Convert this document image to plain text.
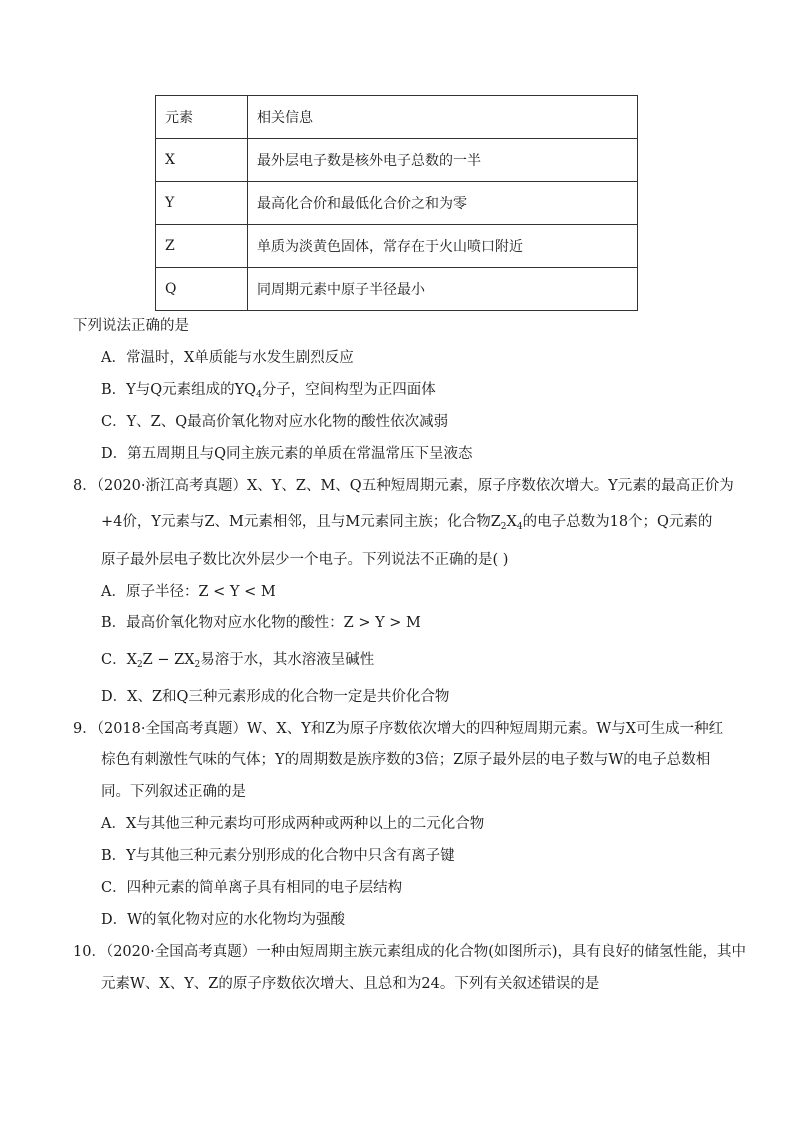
元素	相关信息
X	最外层电子数是核外电子总数的一半
Y	最高化合价和最低化合价之和为零
Z	单质为淡黄色固体，常存在于火山喷口附近
Q	同周期元素中原子半径最小
下列说法正确的是
A．常温时，X单质能与水发生剧烈反应
B．Y与Q元素组成的$YQ_4$分子，空间构型为正四面体
C．Y、Z、Q最高价氧化物对应水化物的酸性依次减弱
D．第五周期且与Q同主族元素的单质在常温常压下呈液态
8．（2020·浙江高考真题）X、Y、Z、M、Q五种短周期元素，原子序数依次增大。Y元素的最高正价为
+4价，Y元素与Z、M元素相邻，且与M元素同主族；化合物$Z_2X_4$的电子总数为18个；Q元素的
原子最外层电子数比次外层少一个电子。下列说法不正确的是( )
A．原子半径：Z < Y < M
B．最高价氧化物对应水化物的酸性：Z > Y > M
C．$X_2Z - ZX_2$易溶于水，其水溶液呈碱性
D．X、Z和Q三种元素形成的化合物一定是共价化合物
9．（2018·全国高考真题）W、X、Y和Z为原子序数依次增大的四种短周期元素。W与X可生成一种红
棕色有刺激性气味的气体；Y的周期数是族序数的3倍；Z原子最外层的电子数与W的电子总数相
同。下列叙述正确的是
A．X与其他三种元素均可形成两种或两种以上的二元化合物
B．Y与其他三种元素分别形成的化合物中只含有离子键
C．四种元素的简单离子具有相同的电子层结构
D．W的氧化物对应的水化物均为强酸
10．（2020·全国高考真题）一种由短周期主族元素组成的化合物(如图所示)，具有良好的储氢性能，其中
元素W、X、Y、Z的原子序数依次增大、且总和为24。下列有关叙述错误的是
